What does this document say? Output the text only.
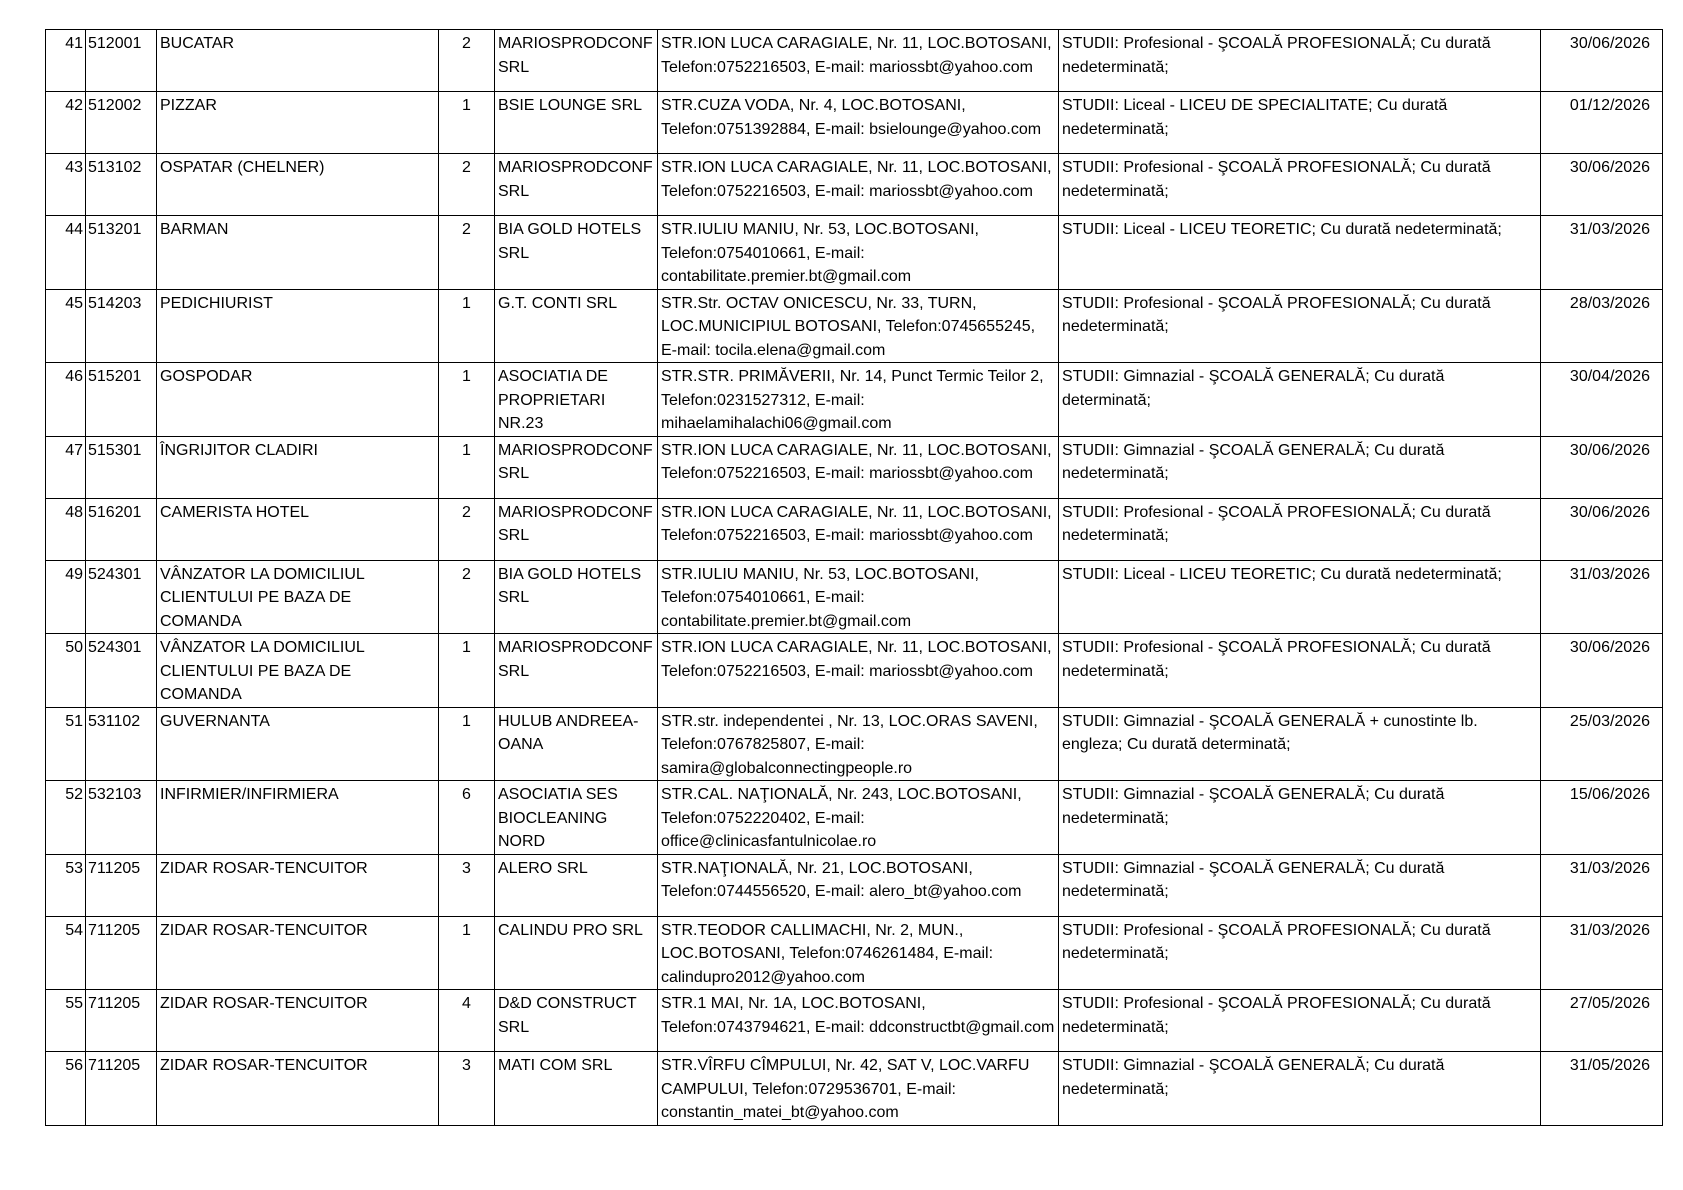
41	512001	BUCATAR	2	MARIOSPRODCONF SRL	STR.ION LUCA CARAGIALE, Nr. 11, LOC.BOTOSANI, Telefon:0752216503, E-mail: mariossbt@yahoo.com	STUDII: Profesional - ŞCOALĂ PROFESIONALĂ; Cu durată nedeterminată;	30/06/2026
42	512002	PIZZAR	1	BSIE LOUNGE SRL	STR.CUZA VODA, Nr. 4, LOC.BOTOSANI, Telefon:0751392884, E-mail: bsielounge@yahoo.com	STUDII: Liceal - LICEU DE SPECIALITATE; Cu durată nedeterminată;	01/12/2026
43	513102	OSPATAR (CHELNER)	2	MARIOSPRODCONF SRL	STR.ION LUCA CARAGIALE, Nr. 11, LOC.BOTOSANI, Telefon:0752216503, E-mail: mariossbt@yahoo.com	STUDII: Profesional - ŞCOALĂ PROFESIONALĂ; Cu durată nedeterminată;	30/06/2026
44	513201	BARMAN	2	BIA GOLD HOTELS SRL	STR.IULIU MANIU, Nr. 53, LOC.BOTOSANI, Telefon:0754010661, E-mail: contabilitate.premier.bt@gmail.com	STUDII: Liceal - LICEU TEORETIC; Cu durată nedeterminată;	31/03/2026
45	514203	PEDICHIURIST	1	G.T. CONTI SRL	STR.Str. OCTAV ONICESCU, Nr. 33, TURN, LOC.MUNICIPIUL BOTOSANI, Telefon:0745655245, E-mail: tocila.elena@gmail.com	STUDII: Profesional - ŞCOALĂ PROFESIONALĂ; Cu durată nedeterminată;	28/03/2026
46	515201	GOSPODAR	1	ASOCIATIA DE PROPRIETARI NR.23	STR.STR. PRIMĂVERII, Nr. 14, Punct Termic Teilor 2, Telefon:0231527312, E-mail: mihaelamihalachi06@gmail.com	STUDII: Gimnazial - ŞCOALĂ GENERALĂ; Cu durată determinată;	30/04/2026
47	515301	ÎNGRIJITOR CLADIRI	1	MARIOSPRODCONF SRL	STR.ION LUCA CARAGIALE, Nr. 11, LOC.BOTOSANI, Telefon:0752216503, E-mail: mariossbt@yahoo.com	STUDII: Gimnazial - ŞCOALĂ GENERALĂ; Cu durată nedeterminată;	30/06/2026
48	516201	CAMERISTA HOTEL	2	MARIOSPRODCONF SRL	STR.ION LUCA CARAGIALE, Nr. 11, LOC.BOTOSANI, Telefon:0752216503, E-mail: mariossbt@yahoo.com	STUDII: Profesional - ŞCOALĂ PROFESIONALĂ; Cu durată nedeterminată;	30/06/2026
49	524301	VÂNZATOR LA DOMICILIUL CLIENTULUI PE BAZA DE COMANDA	2	BIA GOLD HOTELS SRL	STR.IULIU MANIU, Nr. 53, LOC.BOTOSANI, Telefon:0754010661, E-mail: contabilitate.premier.bt@gmail.com	STUDII: Liceal - LICEU TEORETIC; Cu durată nedeterminată;	31/03/2026
50	524301	VÂNZATOR LA DOMICILIUL CLIENTULUI PE BAZA DE COMANDA	1	MARIOSPRODCONF SRL	STR.ION LUCA CARAGIALE, Nr. 11, LOC.BOTOSANI, Telefon:0752216503, E-mail: mariossbt@yahoo.com	STUDII: Profesional - ŞCOALĂ PROFESIONALĂ; Cu durată nedeterminată;	30/06/2026
51	531102	GUVERNANTA	1	HULUB ANDREEA-OANA	STR.str. independentei , Nr. 13, LOC.ORAS SAVENI, Telefon:0767825807, E-mail: samira@globalconnectingpeople.ro	STUDII: Gimnazial - ŞCOALĂ GENERALĂ + cunostinte lb. engleza; Cu durată determinată;	25/03/2026
52	532103	INFIRMIER/INFIRMIERA	6	ASOCIATIA SES BIOCLEANING NORD	STR.CAL. NAŢIONALĂ, Nr. 243, LOC.BOTOSANI, Telefon:0752220402, E-mail: office@clinicasfantulnicolae.ro	STUDII: Gimnazial - ŞCOALĂ GENERALĂ; Cu durată nedeterminată;	15/06/2026
53	711205	ZIDAR ROSAR-TENCUITOR	3	ALERO SRL	STR.NAŢIONALĂ, Nr. 21, LOC.BOTOSANI, Telefon:0744556520, E-mail: alero_bt@yahoo.com	STUDII: Gimnazial - ŞCOALĂ GENERALĂ; Cu durată nedeterminată;	31/03/2026
54	711205	ZIDAR ROSAR-TENCUITOR	1	CALINDU PRO SRL	STR.TEODOR CALLIMACHI, Nr. 2, MUN., LOC.BOTOSANI, Telefon:0746261484, E-mail: calindupro2012@yahoo.com	STUDII: Profesional - ŞCOALĂ PROFESIONALĂ; Cu durată nedeterminată;	31/03/2026
55	711205	ZIDAR ROSAR-TENCUITOR	4	D&D CONSTRUCT SRL	STR.1 MAI, Nr. 1A, LOC.BOTOSANI, Telefon:0743794621, E-mail: ddconstructbt@gmail.com	STUDII: Profesional - ŞCOALĂ PROFESIONALĂ; Cu durată nedeterminată;	27/05/2026
56	711205	ZIDAR ROSAR-TENCUITOR	3	MATI COM SRL	STR.VÎRFU CÎMPULUI, Nr. 42, SAT V, LOC.VARFU CAMPULUI, Telefon:0729536701, E-mail: constantin_matei_bt@yahoo.com	STUDII: Gimnazial - ŞCOALĂ GENERALĂ; Cu durată nedeterminată;	31/05/2026
